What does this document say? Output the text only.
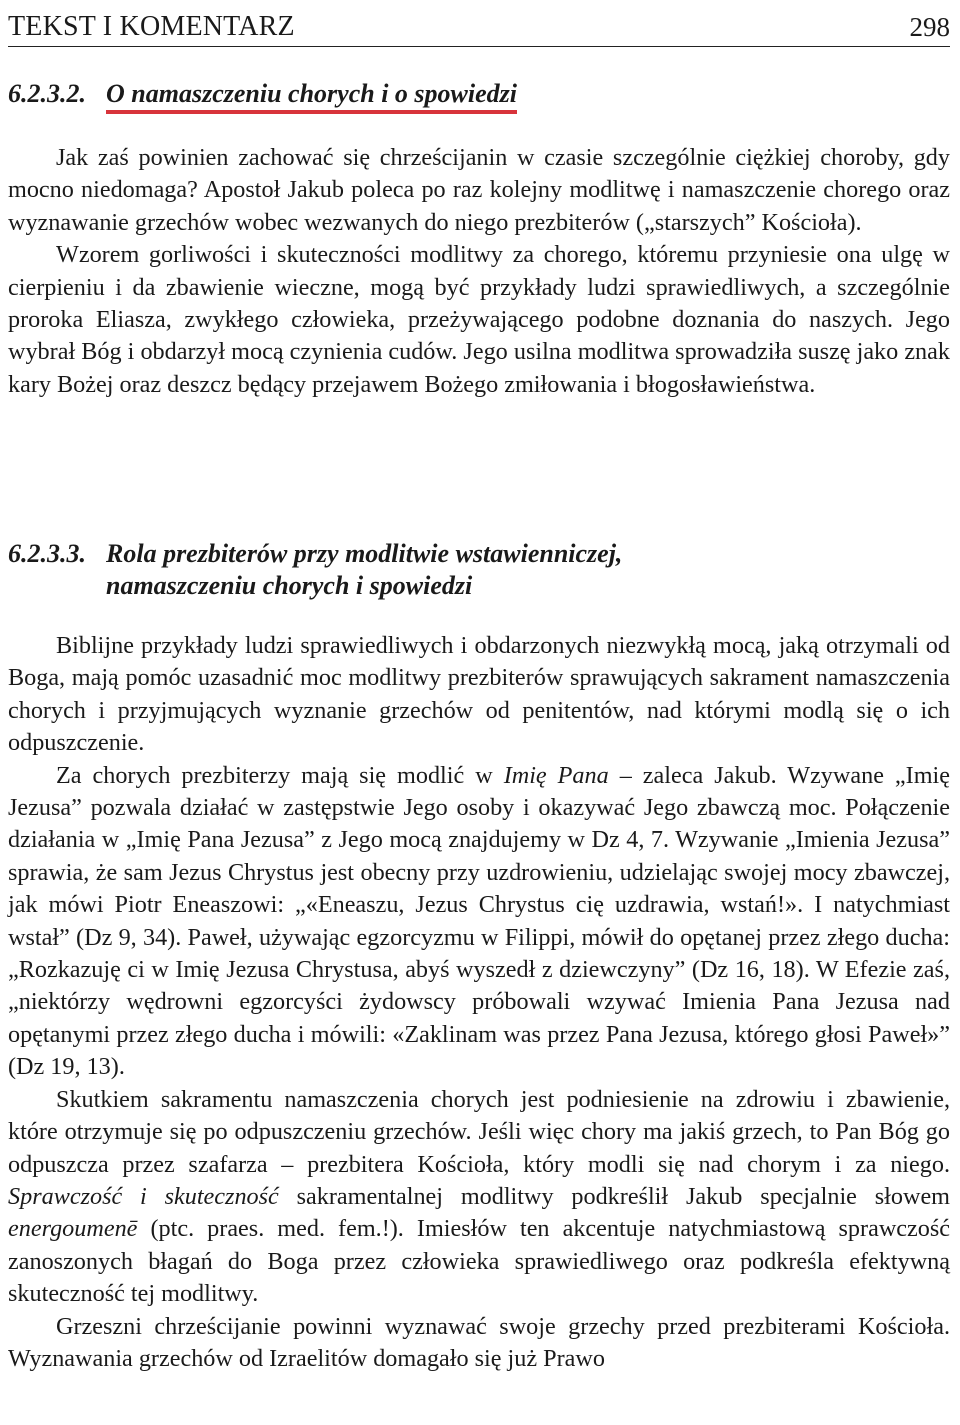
TEKST I KOMENTARZ	298
6.2.3.2. O namaszczeniu chorych i o spowiedzi

Jak zaś powinien zachować się chrześcijanin w czasie szczególnie ciężkiej choroby, gdy mocno niedomaga? Apostoł Jakub poleca po raz kolejny modlitwę i namaszczenie chorego oraz wyznawanie grzechów wobec wezwanych do niego prezbiterów („starszych” Kościoła).

Wzorem gorliwości i skuteczności modlitwy za chorego, któremu przyniesie ona ulgę w cierpieniu i da zbawienie wieczne, mogą być przykłady ludzi sprawiedliwych, a szczególnie proroka Eliasza, zwykłego człowieka, przeżywającego podobne doznania do naszych. Jego wybrał Bóg i obdarzył mocą czynienia cudów. Jego usilna modlitwa sprowadziła suszę jako znak kary Bożej oraz deszcz będący przejawem Bożego zmiłowania i błogosławieństwa.

6.2.3.3. Rola prezbiterów przy modlitwie wstawienniczej,
namaszczeniu chorych i spowiedzi

Biblijne przykłady ludzi sprawiedliwych i obdarzonych niezwykłą mocą, jaką otrzymali od Boga, mają pomóc uzasadnić moc modlitwy prezbiterów sprawujących sakrament namaszczenia chorych i przyjmujących wyznanie grzechów od penitentów, nad którymi modlą się o ich odpuszczenie.

Za chorych prezbiterzy mają się modlić w Imię Pana – zaleca Jakub. Wzywane „Imię Jezusa” pozwala działać w zastępstwie Jego osoby i okazywać Jego zbawczą moc. Połączenie działania w „Imię Pana Jezusa” z Jego mocą znajdujemy w Dz 4, 7. Wzywanie „Imienia Jezusa” sprawia, że sam Jezus Chrystus jest obecny przy uzdrowieniu, udzielając swojej mocy zbawczej, jak mówi Piotr Eneaszowi: „«Eneaszu, Jezus Chrystus cię uzdrawia, wstań!». I natychmiast wstał” (Dz 9, 34). Paweł, używając egzorcyzmu w Filippi, mówił do opętanej przez złego ducha: „Rozkazuję ci w Imię Jezusa Chrystusa, abyś wyszedł z dziewczyny” (Dz 16, 18). W Efezie zaś, „niektórzy wędrowni egzorcyści żydowscy próbowali wzywać Imienia Pana Jezusa nad opętanymi przez złego ducha i mówili: «Zaklinam was przez Pana Jezusa, którego głosi Paweł»” (Dz 19, 13).

Skutkiem sakramentu namaszczenia chorych jest podniesienie na zdrowiu i zbawienie, które otrzymuje się po odpuszczeniu grzechów. Jeśli więc chory ma jakiś grzech, to Pan Bóg go odpuszcza przez szafarza – prezbitera Kościoła, który modli się nad chorym i za niego. Sprawczość i skuteczność sakramentalnej modlitwy podkreślił Jakub specjalnie słowem energoumenē (ptc. praes. med. fem.!). Imiesłów ten akcentuje natychmiastową sprawczość zanoszonych błagań do Boga przez człowieka sprawiedliwego oraz podkreśla efektywną skuteczność tej modlitwy.

Grzeszni chrześcijanie powinni wyznawać swoje grzechy przed prezbiterami Kościoła. Wyznawania grzechów od Izraelitów domagało się już Prawo
